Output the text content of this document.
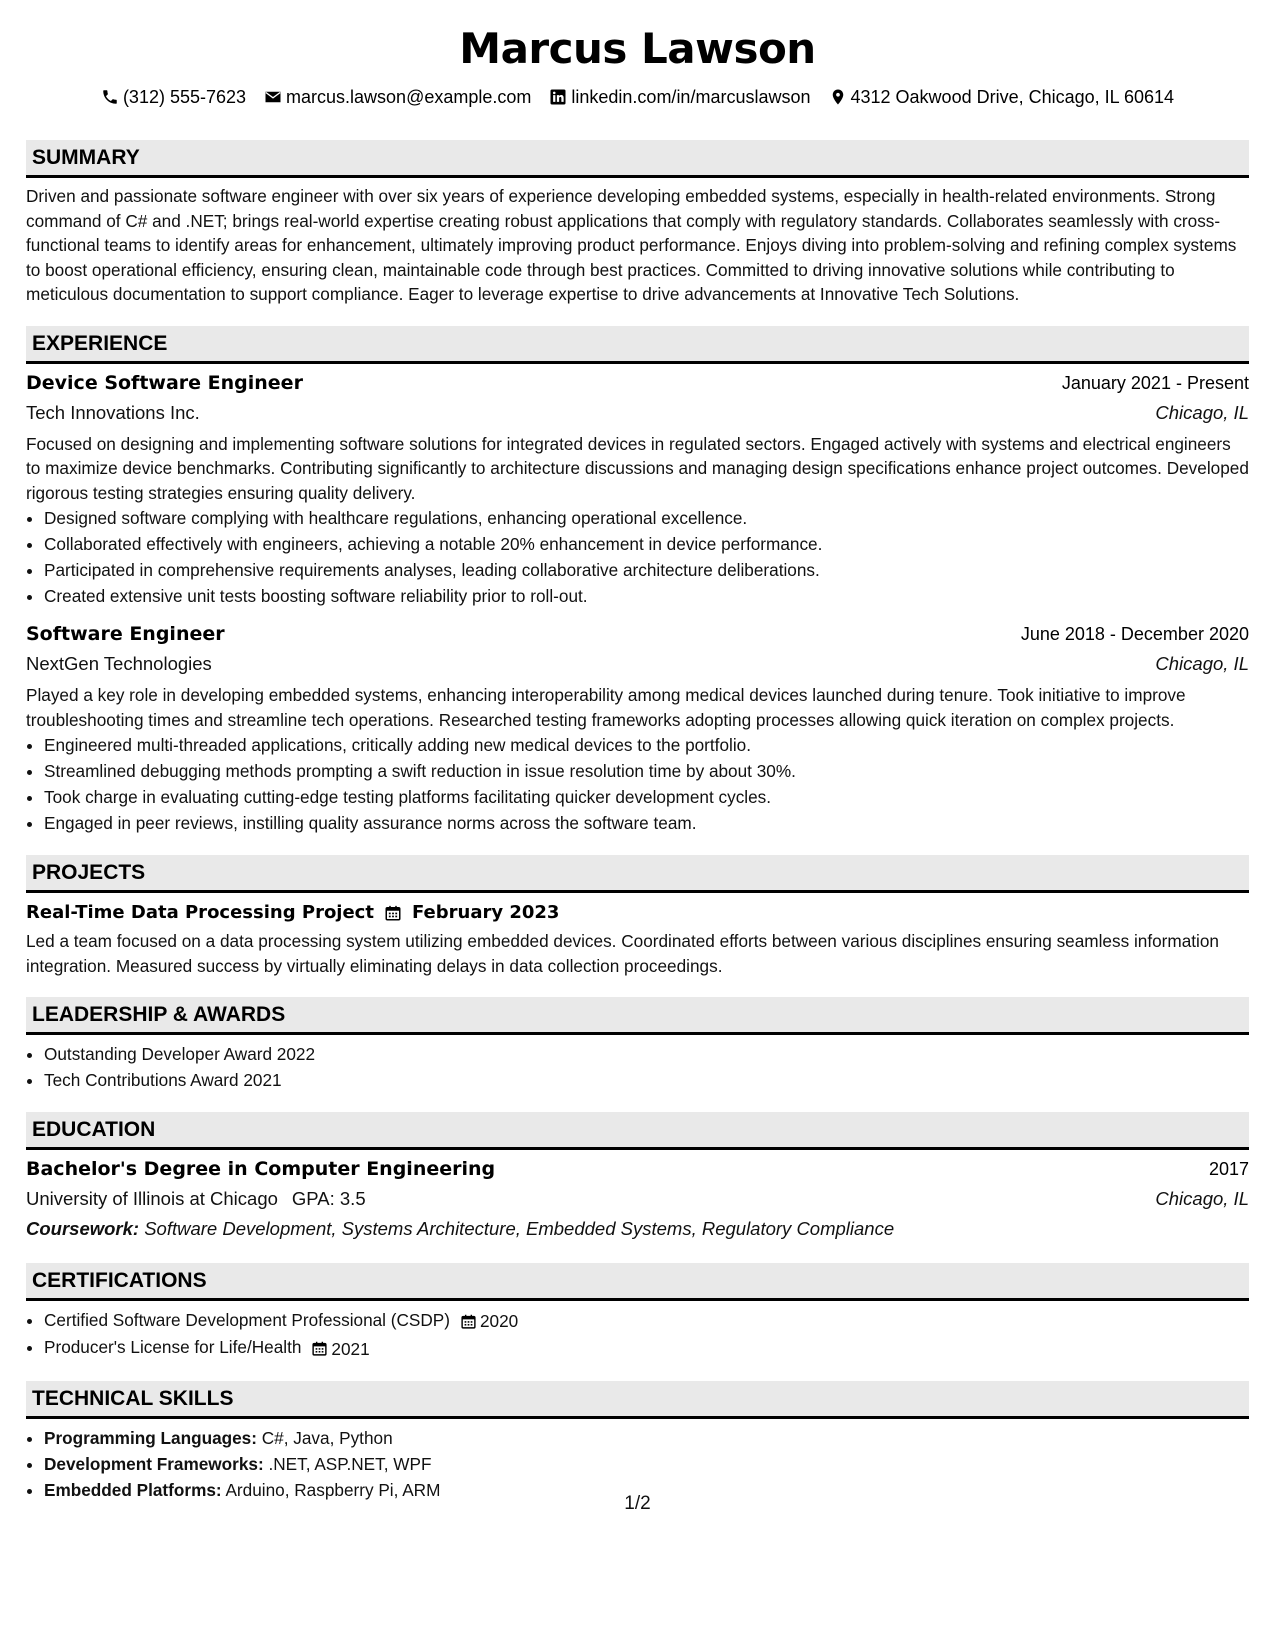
Marcus Lawson
(312) 555-7623 marcus.lawson@example.com linkedin.com/in/marcuslawson 4312 Oakwood Drive, Chicago, IL 60614
SUMMARY

Driven and passionate software engineer with over six years of experience developing embedded systems, especially in health-related environments. Strong command of C# and .NET; brings real-world expertise creating robust applications that comply with regulatory standards. Collaborates seamlessly with cross-functional teams to identify areas for enhancement, ultimately improving product performance. Enjoys diving into problem-solving and refining complex systems to boost operational efficiency, ensuring clean, maintainable code through best practices. Committed to driving innovative solutions while contributing to meticulous documentation to support compliance. Eager to leverage expertise to drive advancements at Innovative Tech Solutions.

EXPERIENCE
Device Software Engineer	January 2021 - Present
Tech Innovations Inc.	Chicago, IL

Focused on designing and implementing software solutions for integrated devices in regulated sectors. Engaged actively with systems and electrical engineers to maximize device benchmarks. Contributing significantly to architecture discussions and managing design specifications enhance project outcomes. Developed rigorous testing strategies ensuring quality delivery.

• Designed software complying with healthcare regulations, enhancing operational excellence.
• Collaborated effectively with engineers, achieving a notable 20% enhancement in device performance.
• Participated in comprehensive requirements analyses, leading collaborative architecture deliberations.
• Created extensive unit tests boosting software reliability prior to roll-out.
Software Engineer	June 2018 - December 2020
NextGen Technologies	Chicago, IL

Played a key role in developing embedded systems, enhancing interoperability among medical devices launched during tenure. Took initiative to improve troubleshooting times and streamline tech operations. Researched testing frameworks adopting processes allowing quick iteration on complex projects.

• Engineered multi-threaded applications, critically adding new medical devices to the portfolio.
• Streamlined debugging methods prompting a swift reduction in issue resolution time by about 30%.
• Took charge in evaluating cutting-edge testing platforms facilitating quicker development cycles.
• Engaged in peer reviews, instilling quality assurance norms across the software team.
PROJECTS
Real-Time Data Processing Project February 2023

Led a team focused on a data processing system utilizing embedded devices. Coordinated efforts between various disciplines ensuring seamless information integration. Measured success by virtually eliminating delays in data collection proceedings.

LEADERSHIP & AWARDS
• Outstanding Developer Award 2022
• Tech Contributions Award 2021
EDUCATION
Bachelor's Degree in Computer Engineering	2017
University of Illinois at Chicago GPA: 3.5	Chicago, IL
Coursework: Software Development, Systems Architecture, Embedded Systems, Regulatory Compliance
CERTIFICATIONS
• Certified Software Development Professional (CSDP) 2020
• Producer's License for Life/Health 2021
TECHNICAL SKILLS
• Programming Languages: C#, Java, Python
• Development Frameworks: .NET, ASP.NET, WPF
• Embedded Platforms: Arduino, Raspberry Pi, ARM
1/2
